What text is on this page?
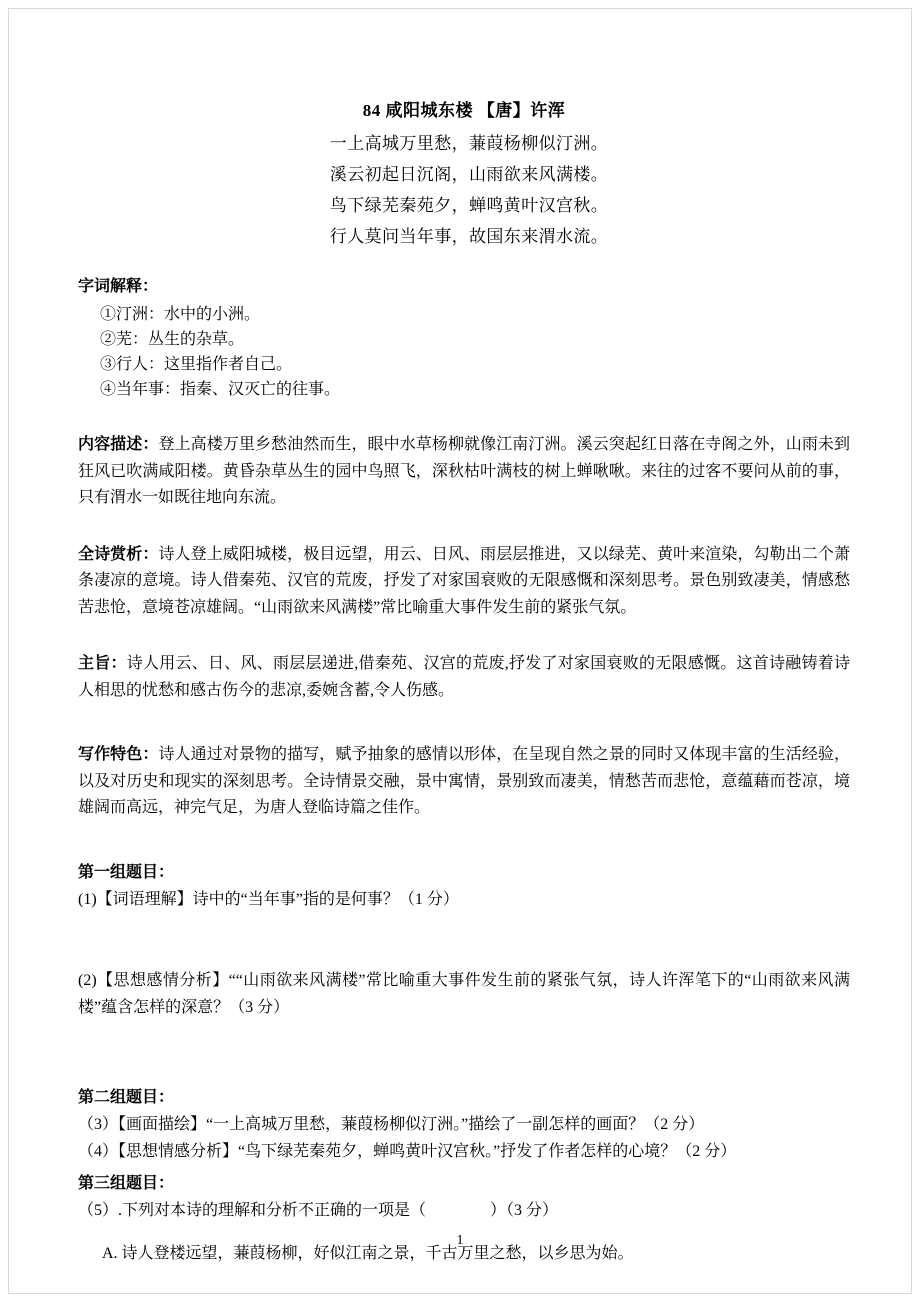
84 咸阳城东楼 【唐】许浑
一上高城万里愁，蒹葭杨柳似汀洲。
溪云初起日沉阁，山雨欲来风满楼。
鸟下绿芜秦苑夕，蝉鸣黄叶汉宫秋。
行人莫问当年事，故国东来渭水流。
字词解释：
①汀洲：水中的小洲。
②芜：丛生的杂草。
③行人：这里指作者自己。
④当年事：指秦、汉灭亡的往事。

内容描述：登上高楼万里乡愁油然而生，眼中水草杨柳就像江南汀洲。溪云突起红日落在寺阁之外，山雨未到狂风已吹满咸阳楼。黄昏杂草丛生的园中鸟照飞，深秋枯叶满枝的树上蝉啾啾。来往的过客不要问从前的事，只有渭水一如既往地向东流。

全诗赏析：诗人登上威阳城楼，极目远望，用云、日风、雨层层推进，又以绿芜、黄叶来渲染，勾勒出二个萧条凄凉的意境。诗人借秦苑、汉官的荒废，抒发了对家国衰败的无限感慨和深刻思考。景色别致凄美，情感愁苦悲怆，意境苍凉雄阔。“山雨欲来风满楼”常比喻重大事件发生前的紧张气氛。

主旨：诗人用云、日、风、雨层层递进,借秦苑、汉宫的荒废,抒发了对家国衰败的无限感慨。这首诗融铸着诗人相思的忧愁和感古伤今的悲凉,委婉含蓄,令人伤感。

写作特色：诗人通过对景物的描写，赋予抽象的感情以形体，在呈现自然之景的同时又体现丰富的生活经验，以及对历史和现实的深刻思考。全诗情景交融，景中寓情，景别致而凄美，情愁苦而悲怆，意蕴藉而苍凉，境雄阔而高远，神完气足，为唐人登临诗篇之佳作。

第一组题目：

(1)【词语理解】诗中的“当年事”指的是何事？（1 分）

(2)【思想感情分析】““山雨欲来风满楼”常比喻重大事件发生前的紧张气氛，诗人许浑笔下的“山雨欲来风满楼”蕴含怎样的深意？（3 分）

第二组题目：

（3）【画面描绘】“一上高城万里愁，蒹葭杨柳似汀洲。”描绘了一副怎样的画面？（2 分）

（4）【思想情感分析】“鸟下绿芜秦苑夕，蝉鸣黄叶汉宫秋。”抒发了作者怎样的心境？（2 分）

第三组题目：

（5）.下列对本诗的理解和分析不正确的一项是（　　　　）（3 分）

A. 诗人登楼远望，蒹葭杨柳，好似江南之景，千古万里之愁，以乡思为始。

1
